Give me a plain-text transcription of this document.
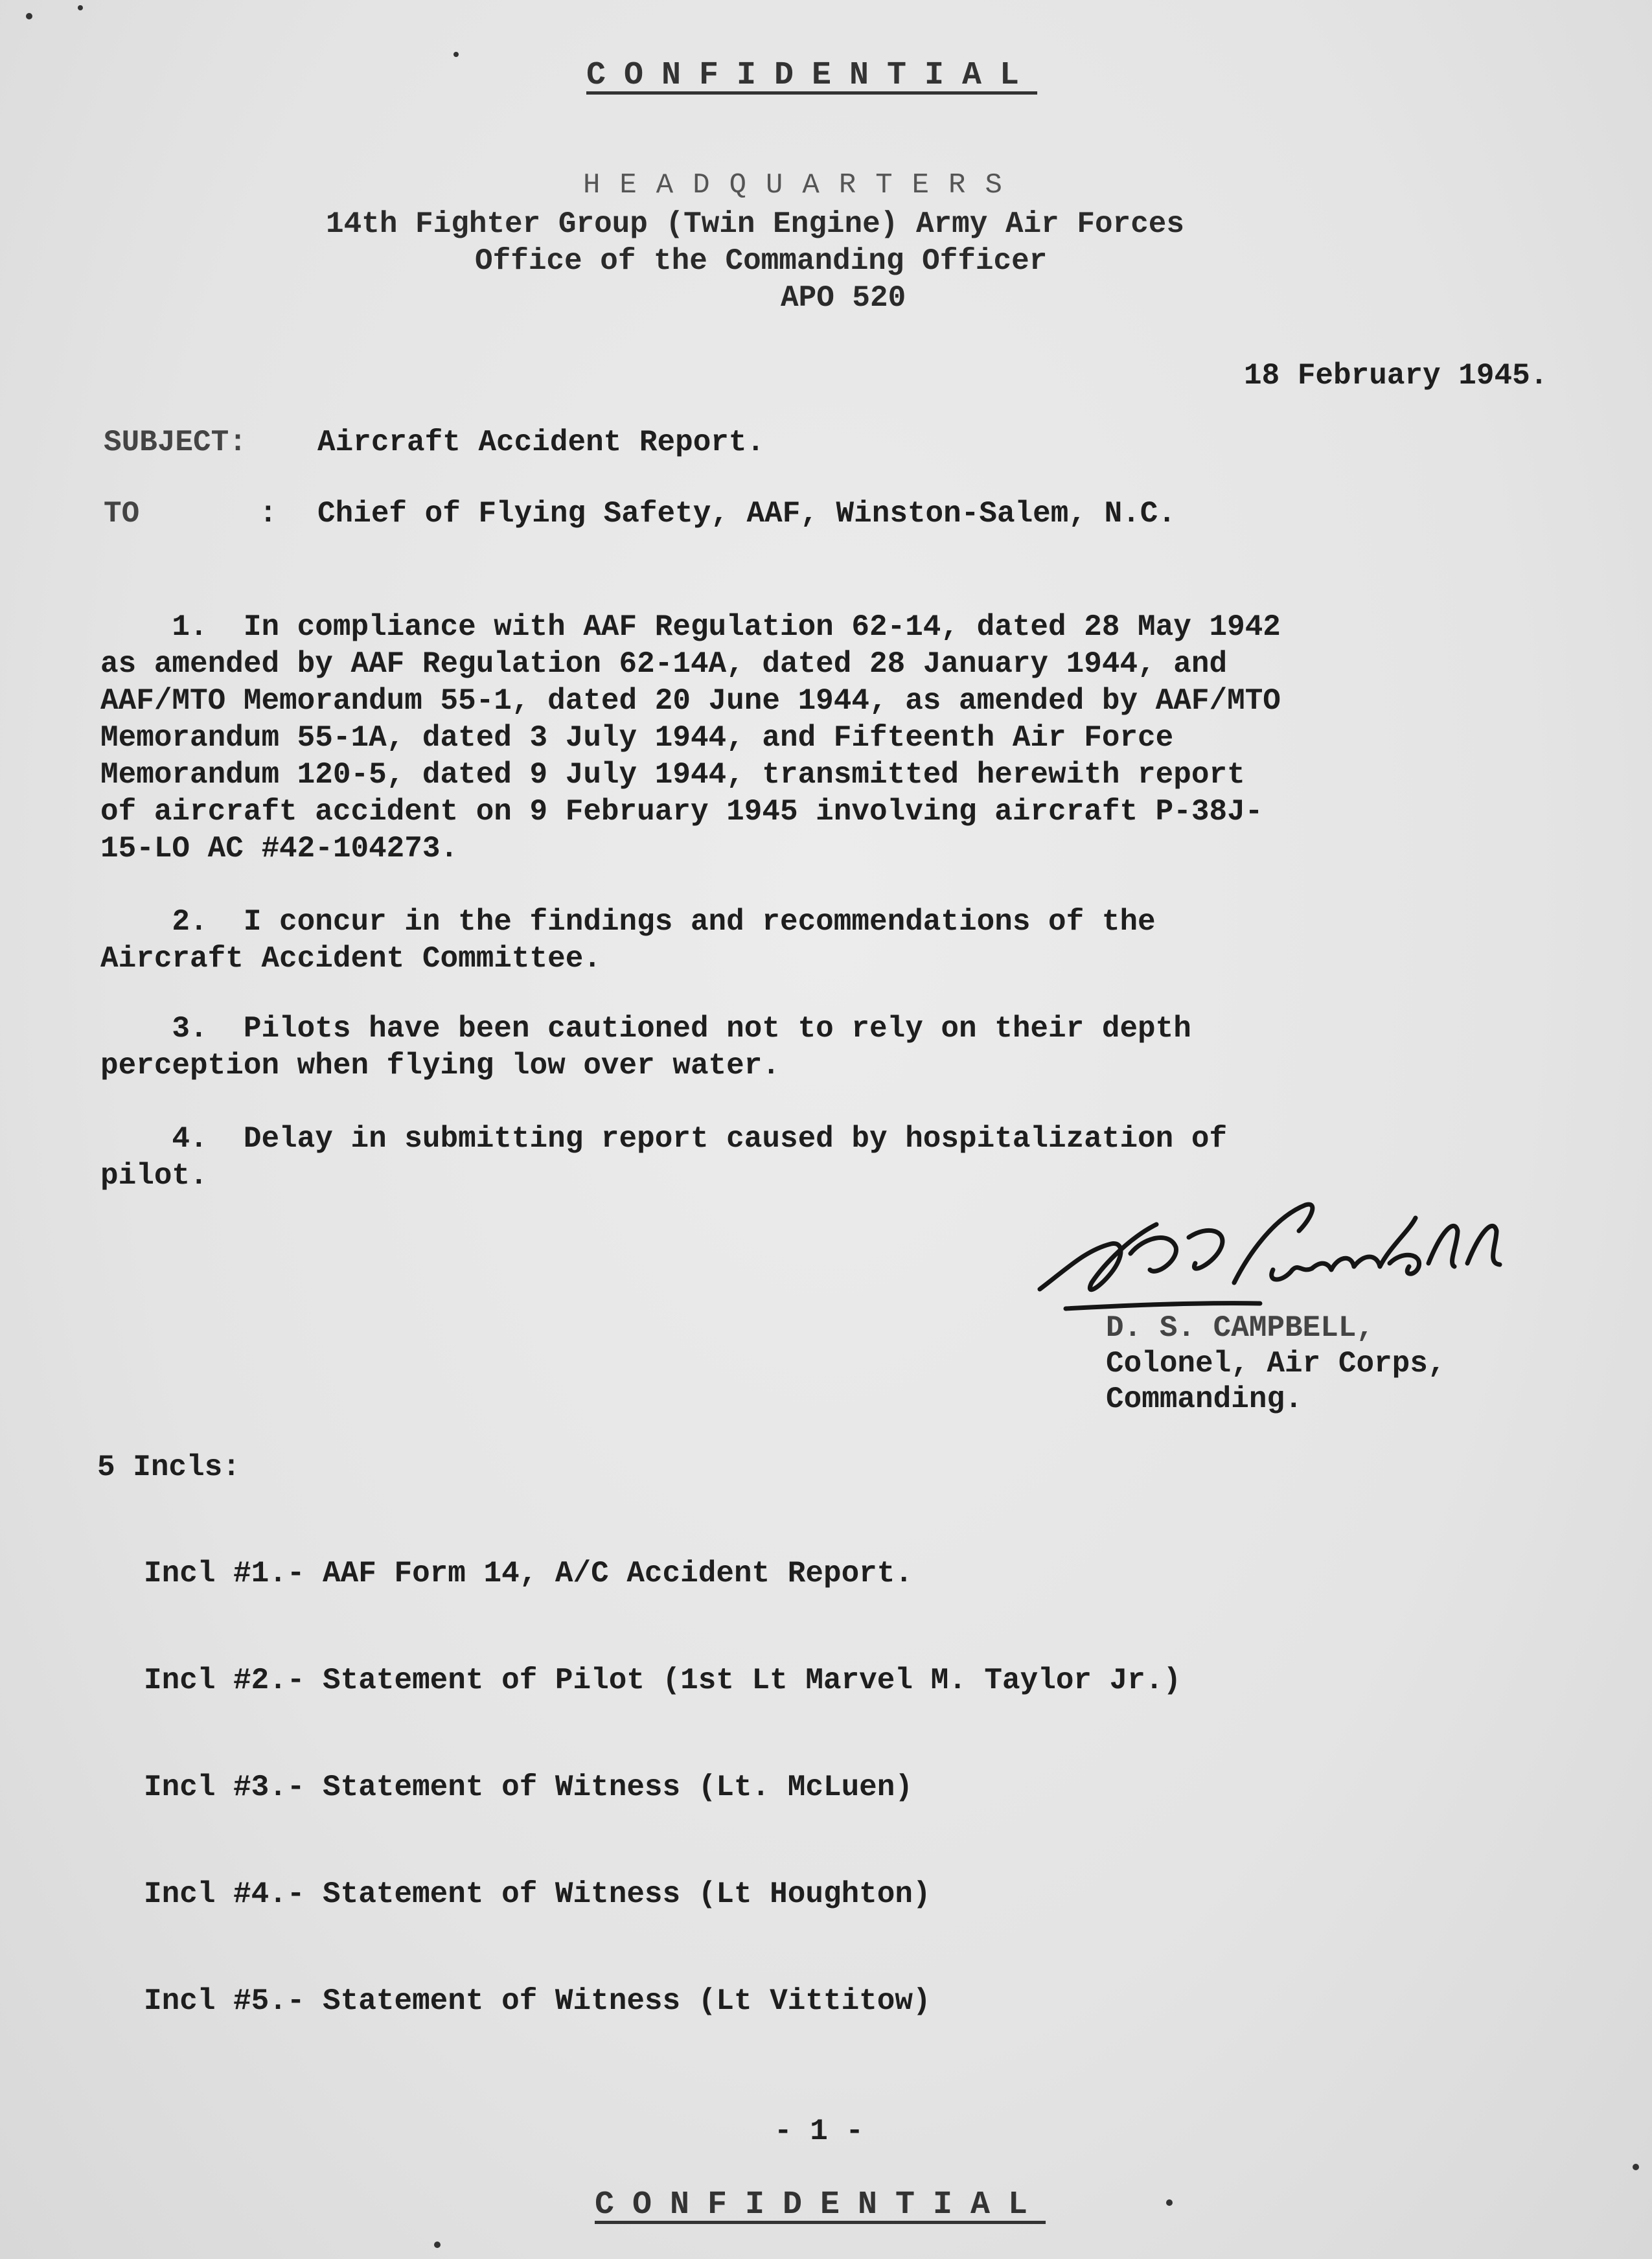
CONFIDENTIAL
HEADQUARTERS
14th Fighter Group (Twin Engine) Army Air Forces
Office of the Commanding Officer
APO 520
18 February 1945.
SUBJECT: Aircraft Accident Report.
TO	: Chief of Flying Safety, AAF, Winston-Salem, N.C.
1.  In compliance with AAF Regulation 62-14, dated 28 May 1942
as amended by AAF Regulation 62-14A, dated 28 January 1944, and
AAF/MTO Memorandum 55-1, dated 20 June 1944, as amended by AAF/MTO
Memorandum 55-1A, dated 3 July 1944, and Fifteenth Air Force
Memorandum 120-5, dated 9 July 1944, transmitted herewith report
of aircraft accident on 9 February 1945 involving aircraft P-38J-
15-LO AC #42-104273.
2.  I concur in the findings and recommendations of the
Aircraft Accident Committee.
3.  Pilots have been cautioned not to rely on their depth
perception when flying low over water.
4.  Delay in submitting report caused by hospitalization of
pilot.
D. S. CAMPBELL,
Colonel, Air Corps,
Commanding.
5 Incls:

Incl #1.- AAF Form 14, A/C Accident Report.

Incl #2.- Statement of Pilot (1st Lt Marvel M. Taylor Jr.)

Incl #3.- Statement of Witness (Lt. McLuen)

Incl #4.- Statement of Witness (Lt Houghton)

Incl #5.- Statement of Witness (Lt Vittitow)

- 1 -
CONFIDENTIAL
